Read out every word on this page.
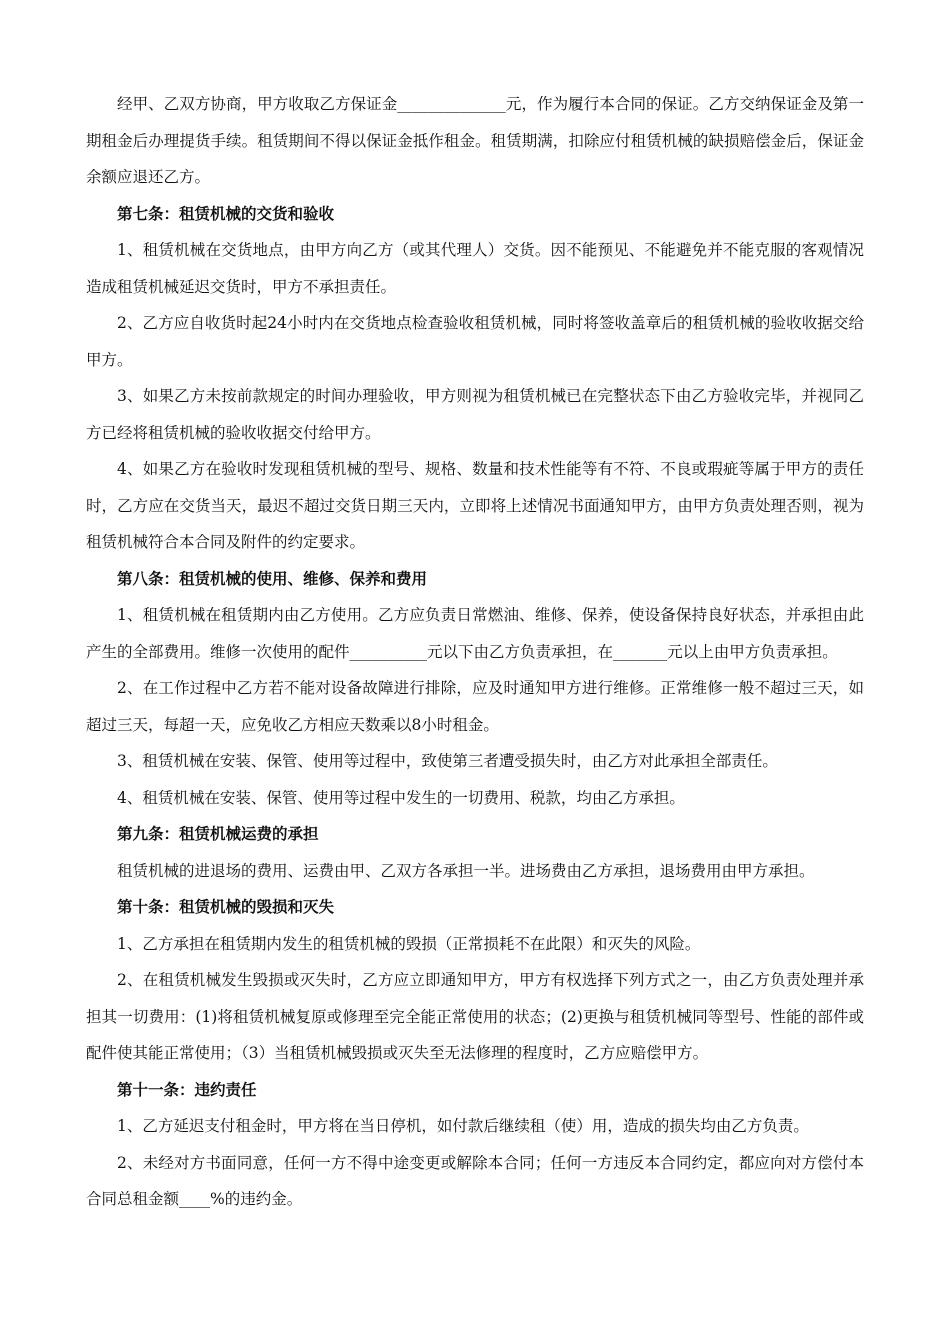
经甲、乙双方协商，甲方收取乙方保证金______________元，作为履行本合同的保证。乙方交纳保证金及第一期租金后办理提货手续。租赁期间不得以保证金抵作租金。租赁期满，扣除应付租赁机械的缺损赔偿金后，保证金余额应退还乙方。

第七条：租赁机械的交货和验收

1、租赁机械在交货地点，由甲方向乙方（或其代理人）交货。因不能预见、不能避免并不能克服的客观情况造成租赁机械延迟交货时，甲方不承担责任。

2、乙方应自收货时起24小时内在交货地点检查验收租赁机械，同时将签收盖章后的租赁机械的验收收据交给甲方。

3、如果乙方未按前款规定的时间办理验收，甲方则视为租赁机械已在完整状态下由乙方验收完毕，并视同乙方已经将租赁机械的验收收据交付给甲方。

4、如果乙方在验收时发现租赁机械的型号、规格、数量和技术性能等有不符、不良或瑕疵等属于甲方的责任时，乙方应在交货当天，最迟不超过交货日期三天内，立即将上述情况书面通知甲方，由甲方负责处理否则，视为租赁机械符合本合同及附件的约定要求。

第八条：租赁机械的使用、维修、保养和费用

1、租赁机械在租赁期内由乙方使用。乙方应负责日常燃油、维修、保养，使设备保持良好状态，并承担由此产生的全部费用。维修一次使用的配件__________元以下由乙方负责承担，在_______元以上由甲方负责承担。

2、在工作过程中乙方若不能对设备故障进行排除，应及时通知甲方进行维修。正常维修一般不超过三天，如超过三天，每超一天，应免收乙方相应天数乘以8小时租金。

3、租赁机械在安装、保管、使用等过程中，致使第三者遭受损失时，由乙方对此承担全部责任。

4、租赁机械在安装、保管、使用等过程中发生的一切费用、税款，均由乙方承担。

第九条：租赁机械运费的承担

租赁机械的进退场的费用、运费由甲、乙双方各承担一半。进场费由乙方承担，退场费用由甲方承担。

第十条：租赁机械的毁损和灭失

1、乙方承担在租赁期内发生的租赁机械的毁损（正常损耗不在此限）和灭失的风险。

2、在租赁机械发生毁损或灭失时，乙方应立即通知甲方，甲方有权选择下列方式之一，由乙方负责处理并承担其一切费用：(1)将租赁机械复原或修理至完全能正常使用的状态；(2)更换与租赁机械同等型号、性能的部件或配件使其能正常使用；（3）当租赁机械毁损或灭失至无法修理的程度时，乙方应赔偿甲方。

第十一条：违约责任

1、乙方延迟支付租金时，甲方将在当日停机，如付款后继续租（使）用，造成的损失均由乙方负责。

2、未经对方书面同意，任何一方不得中途变更或解除本合同；任何一方违反本合同约定，都应向对方偿付本合同总租金额____%的违约金。
